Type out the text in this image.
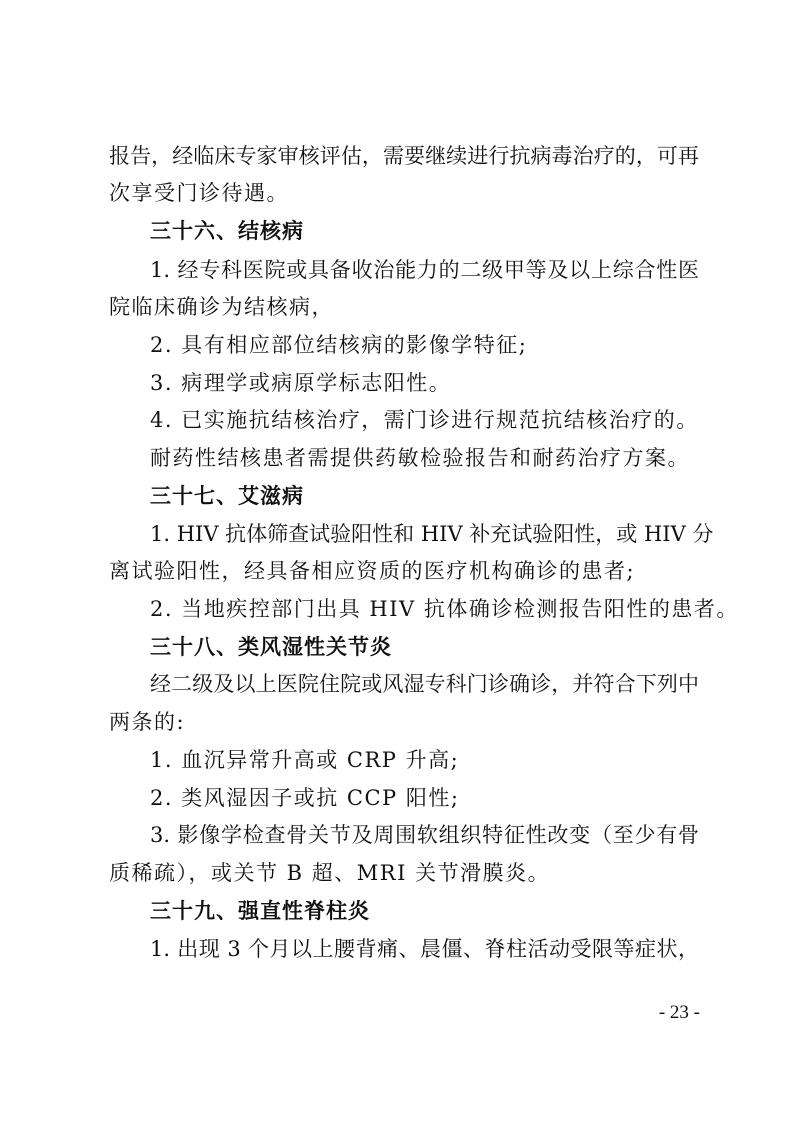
报告，经临床专家审核评估，需要继续进行抗病毒治疗的，可再
次享受门诊待遇。
三十六、结核病
1. 经专科医院或具备收治能力的二级甲等及以上综合性医
院临床确诊为结核病，
2. 具有相应部位结核病的影像学特征;
3. 病理学或病原学标志阳性。
4. 已实施抗结核治疗，需门诊进行规范抗结核治疗的。
耐药性结核患者需提供药敏检验报告和耐药治疗方案。
三十七、艾滋病
1. HIV 抗体筛查试验阳性和 HIV 补充试验阳性，或 HIV 分
离试验阳性，经具备相应资质的医疗机构确诊的患者;
2. 当地疾控部门出具 HIV 抗体确诊检测报告阳性的患者。
三十八、类风湿性关节炎
经二级及以上医院住院或风湿专科门诊确诊，并符合下列中
两条的:
1. 血沉异常升高或 CRP 升高;
2. 类风湿因子或抗 CCP 阳性;
3. 影像学检查骨关节及周围软组织特征性改变（至少有骨
质稀疏），或关节 B 超、MRI 关节滑膜炎。
三十九、强直性脊柱炎
1. 出现 3 个月以上腰背痛、晨僵、脊柱活动受限等症状，
- 23 -
